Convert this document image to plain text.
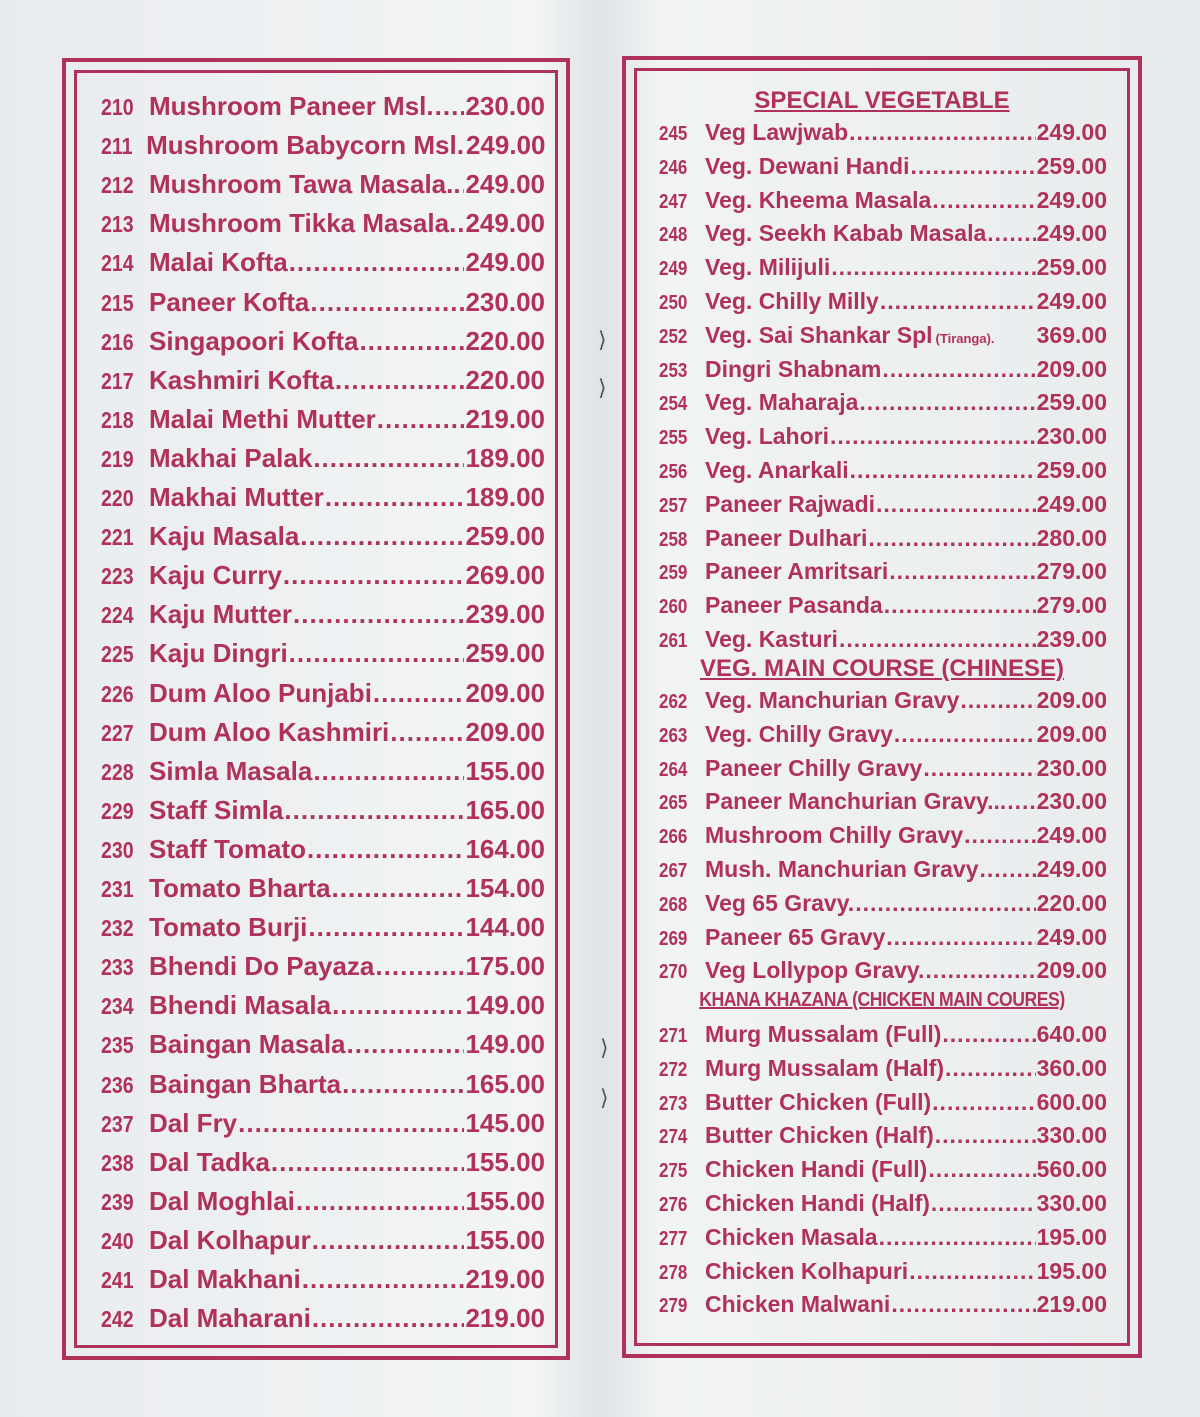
⟩
⟩
⟩
⟩
210 Mushroom Paneer Msl. ..... 230.00
211 Mushroom Babycorn Msl. 249.00
212 Mushroom Tawa Masala.. ..... 249.00
213 Mushroom Tikka Masala. ..... 249.00
214 Malai Kofta .....	249.00
215 Paneer Kofta .....	230.00
216 Singapoori Kofta .....	220.00
217 Kashmiri Kofta .....	220.00
218 Malai Methi Mutter .....	219.00
219 Makhai Palak .....	189.00
220 Makhai Mutter .....	189.00
221 Kaju Masala .....	259.00
223 Kaju Curry .....	269.00
224 Kaju Mutter .....	239.00
225 Kaju Dingri .....	259.00
226 Dum Aloo Punjabi .....	209.00
227 Dum Aloo Kashmiri .....	209.00
228 Simla Masala .....	155.00
229 Staff Simla .....	165.00
230 Staff Tomato .....	164.00
231 Tomato Bharta .....	154.00
232 Tomato Burji .....	144.00
233 Bhendi Do Payaza .....	175.00
234 Bhendi Masala .....	149.00
235 Baingan Masala .....	149.00
236 Baingan Bharta .....	165.00
237 Dal Fry .....	145.00
238 Dal Tadka .....	155.00
239 Dal Moghlai .....	155.00
240 Dal Kolhapur .....	155.00
241 Dal Makhani .....	219.00
242 Dal Maharani .....	219.00
SPECIAL VEGETABLE
245 Veg Lawjwab .....	249.00
246 Veg. Dewani Handi .....	259.00
247 Veg. Kheema Masala .....	249.00
248 Veg. Seekh Kabab Masala ..... 249.00
249 Veg. Milijuli .....	259.00
250 Veg. Chilly Milly .....	249.00
252 Veg. Sai Shankar Spl (Tiranga). 369.00
253 Dingri Shabnam .....	209.00
254 Veg. Maharaja .....	259.00
255 Veg. Lahori .....	230.00
256 Veg. Anarkali .....	259.00
257 Paneer Rajwadi .....	249.00
258 Paneer Dulhari .....	280.00
259 Paneer Amritsari .....	279.00
260 Paneer Pasanda .....	279.00
261 Veg. Kasturi .....	239.00
VEG. MAIN COURSE (CHINESE)
262 Veg. Manchurian Gravy .....	209.00
263 Veg. Chilly Gravy .....	209.00
264 Paneer Chilly Gravy .....	230.00
265 Paneer Manchurian Gravy... ..... 230.00
266 Mushroom Chilly Gravy .....	249.00
267 Mush. Manchurian Gravy .....	249.00
268 Veg 65 Gravy. .....	220.00
269 Paneer 65 Gravy .....	249.00
270 Veg Lollypop Gravy. .....	209.00
KHANA KHAZANA (CHICKEN MAIN COURES)
271 Murg Mussalam (Full) .....	640.00
272 Murg Mussalam (Half) .....	360.00
273 Butter Chicken (Full) .....	600.00
274 Butter Chicken (Half) .....	330.00
275 Chicken Handi (Full) .....	560.00
276 Chicken Handi (Half) .....	330.00
277 Chicken Masala .....	195.00
278 Chicken Kolhapuri .....	195.00
279 Chicken Malwani .....	219.00
